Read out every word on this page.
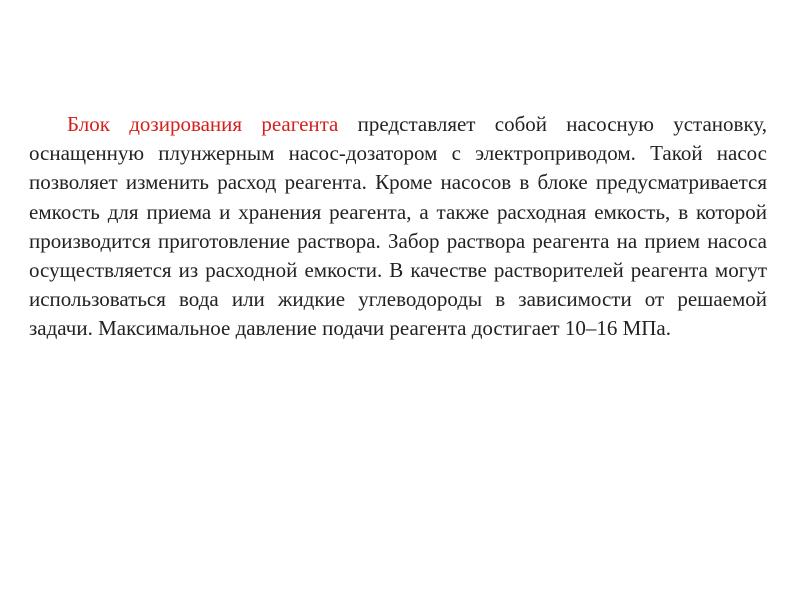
Блок дозирования реагента представляет собой насосную установку, оснащенную плунжерным насос-дозатором с электроприводом. Такой насос позволяет изменить расход реагента. Кроме насосов в блоке предусматривается емкость для приема и хранения реагента, а также расходная емкость, в которой производится приготовление раствора. Забор раствора реагента на прием насоса осуществляется из расходной емкости. В качестве растворителей реагента могут использоваться вода или жидкие углеводороды в зависимости от решаемой задачи. Максимальное давление подачи реагента достигает 10–16 МПа.
